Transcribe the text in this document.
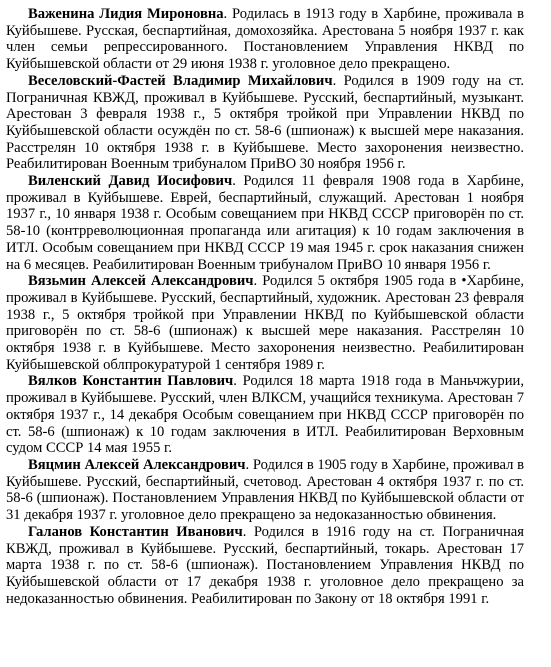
Важенина Лидия Мироновна. Родилась в 1913 году в Харбине, проживала в Куйбышеве. Русская, беспартийная, домохозяйка. Арестована 5 ноября 1937 г. как член семьи репрессированного. Постановлением Управления НКВД по Куйбышевской области от 29 июня 1938 г. уголовное дело прекращено.

Веселовский-Фастей Владимир Михайлович. Родился в 1909 году на ст. Пограничная КВЖД, проживал в Куйбышеве. Русский, беспартийный, музыкант. Арестован 3 февраля 1938 г., 5 октября тройкой при Управлении НКВД по Куйбышевской области осуждён по ст. 58-6 (шпионаж) к высшей мере наказания. Расстрелян 10 октября 1938 г. в Куйбышеве. Место захоронения неизвестно. Реабилитирован Военным трибуналом ПриВО 30 ноября 1956 г.

Виленский Давид Иосифович. Родился 11 февраля 1908 года в Харбине, проживал в Куйбышеве. Еврей, беспартийный, служащий. Арестован 1 ноября 1937 г., 10 января 1938 г. Особым совещанием при НКВД СССР приговорён по ст. 58-10 (контрреволюционная пропаганда или агитация) к 10 годам заключения в ИТЛ. Особым совещанием при НКВД СССР 19 мая 1945 г. срок наказания снижен на 6 месяцев. Реабилитирован Военным трибуналом ПриВО 10 января 1956 г.

Вязьмин Алексей Александрович. Родился 5 октября 1905 года в •Харбине, проживал в Куйбышеве. Русский, беспартийный, художник. Арестован 23 февраля 1938 г., 5 октября тройкой при Управлении НКВД по Куйбышевской области приговорён по ст. 58-6 (шпионаж) к высшей мере наказания. Расстрелян 10 октября 1938 г. в Куйбышеве. Место захоронения неизвестно. Реабилитирован Куйбышевской облпрокуратурой 1 сентября 1989 г.

Вялков Константин Павлович. Родился 18 марта 1918 года в Маньчжурии, проживал в Куйбышеве. Русский, член ВЛКСМ, учащийся техникума. Арестован 7 октября 1937 г., 14 декабря Особым совещанием при НКВД СССР приговорён по ст. 58-6 (шпионаж) к 10 годам заключения в ИТЛ. Реабилитирован Верховным судом СССР 14 мая 1955 г.

Вяцмин Алексей Александрович. Родился в 1905 году в Харбине, проживал в Куйбышеве. Русский, беспартийный, счетовод. Арестован 4 октября 1937 г. по ст. 58-6 (шпионаж). Постановлением Управления НКВД по Куйбышевской области от 31 декабря 1937 г. уголовное дело прекращено за недоказанностью обвинения.

Галанов Константин Иванович. Родился в 1916 году на ст. Пограничная КВЖД, проживал в Куйбышеве. Русский, беспартийный, токарь. Арестован 17 марта 1938 г. по ст. 58-6 (шпионаж). Постановлением Управления НКВД по Куйбышевской области от 17 декабря 1938 г. уголовное дело прекращено за недоказанностью обвинения. Реабилитирован по Закону от 18 октября 1991 г.
